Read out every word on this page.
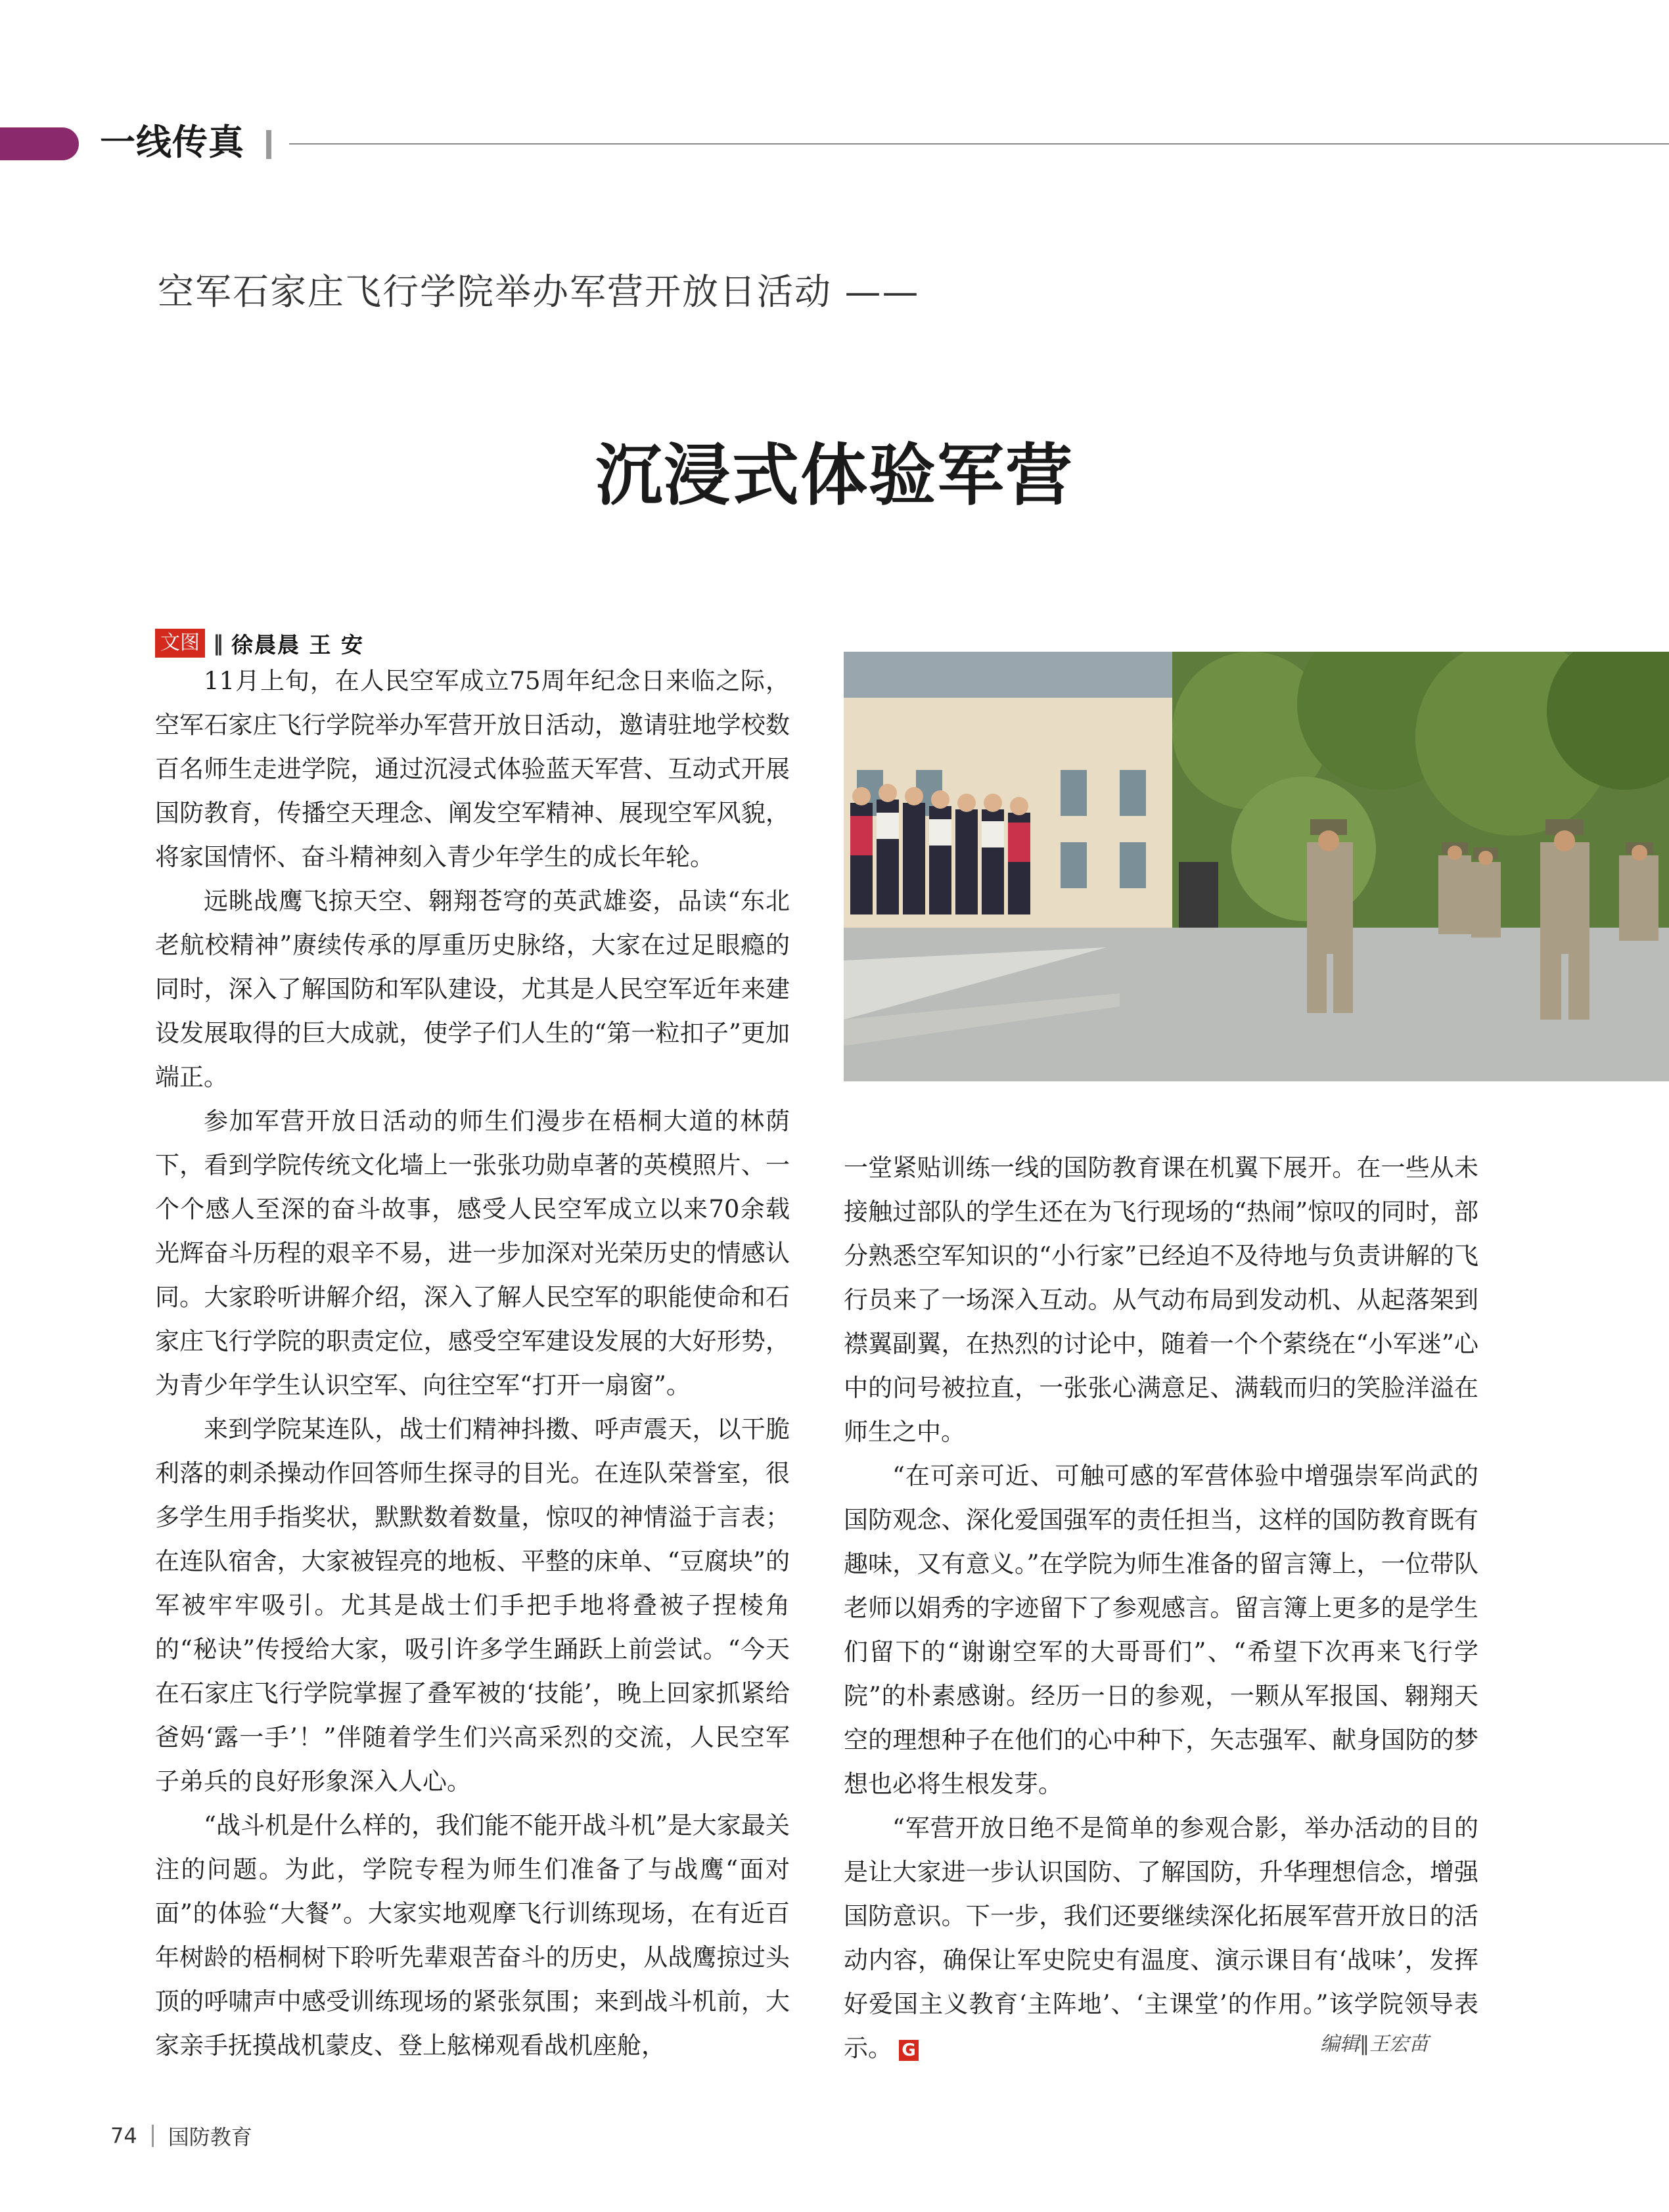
一线传真
空军石家庄飞行学院举办军营开放日活动 ——
沉浸式体验军营
文图 ‖ 徐晨晨 王 安

11月上旬，在人民空军成立75周年纪念日来临之际，空军石家庄飞行学院举办军营开放日活动，邀请驻地学校数百名师生走进学院，通过沉浸式体验蓝天军营、互动式开展国防教育，传播空天理念、阐发空军精神、展现空军风貌，将家国情怀、奋斗精神刻入青少年学生的成长年轮。

远眺战鹰飞掠天空、翱翔苍穹的英武雄姿，品读“东北老航校精神”赓续传承的厚重历史脉络，大家在过足眼瘾的同时，深入了解国防和军队建设，尤其是人民空军近年来建设发展取得的巨大成就，使学子们人生的“第一粒扣子”更加端正。

参加军营开放日活动的师生们漫步在梧桐大道的林荫下，看到学院传统文化墙上一张张功勋卓著的英模照片、一个个感人至深的奋斗故事，感受人民空军成立以来70余载光辉奋斗历程的艰辛不易，进一步加深对光荣历史的情感认同。大家聆听讲解介绍，深入了解人民空军的职能使命和石家庄飞行学院的职责定位，感受空军建设发展的大好形势，为青少年学生认识空军、向往空军“打开一扇窗”。

来到学院某连队，战士们精神抖擞、呼声震天，以干脆利落的刺杀操动作回答师生探寻的目光。在连队荣誉室，很多学生用手指奖状，默默数着数量，惊叹的神情溢于言表；在连队宿舍，大家被锃亮的地板、平整的床单、“豆腐块”的军被牢牢吸引。尤其是战士们手把手地将叠被子捏棱角的“秘诀”传授给大家，吸引许多学生踊跃上前尝试。“今天在石家庄飞行学院掌握了叠军被的‘技能’，晚上回家抓紧给爸妈‘露一手’！”伴随着学生们兴高采烈的交流，人民空军子弟兵的良好形象深入人心。

“战斗机是什么样的，我们能不能开战斗机”是大家最关注的问题。为此，学院专程为师生们准备了与战鹰“面对面”的体验“大餐”。大家实地观摩飞行训练现场，在有近百年树龄的梧桐树下聆听先辈艰苦奋斗的历史，从战鹰掠过头顶的呼啸声中感受训练现场的紧张氛围；来到战斗机前，大家亲手抚摸战机蒙皮、登上舷梯观看战机座舱，

一堂紧贴训练一线的国防教育课在机翼下展开。在一些从未接触过部队的学生还在为飞行现场的“热闹”惊叹的同时，部分熟悉空军知识的“小行家”已经迫不及待地与负责讲解的飞行员来了一场深入互动。从气动布局到发动机、从起落架到襟翼副翼，在热烈的讨论中，随着一个个萦绕在“小军迷”心中的问号被拉直，一张张心满意足、满载而归的笑脸洋溢在师生之中。

“在可亲可近、可触可感的军营体验中增强崇军尚武的国防观念、深化爱国强军的责任担当，这样的国防教育既有趣味，又有意义。”在学院为师生准备的留言簿上，一位带队老师以娟秀的字迹留下了参观感言。留言簿上更多的是学生们留下的“谢谢空军的大哥哥们”、“希望下次再来飞行学院”的朴素感谢。经历一日的参观，一颗从军报国、翱翔天空的理想种子在他们的心中种下，矢志强军、献身国防的梦想也必将生根发芽。

“军营开放日绝不是简单的参观合影，举办活动的目的是让大家进一步认识国防、了解国防，升华理想信念，增强国防意识。下一步，我们还要继续深化拓展军营开放日的活动内容，确保让军史院史有温度、演示课目有‘战味’，发挥好爱国主义教育‘主阵地’、‘主课堂’的作用。”该学院领导表示。 G	编辑‖王宏苗
74 国防教育
